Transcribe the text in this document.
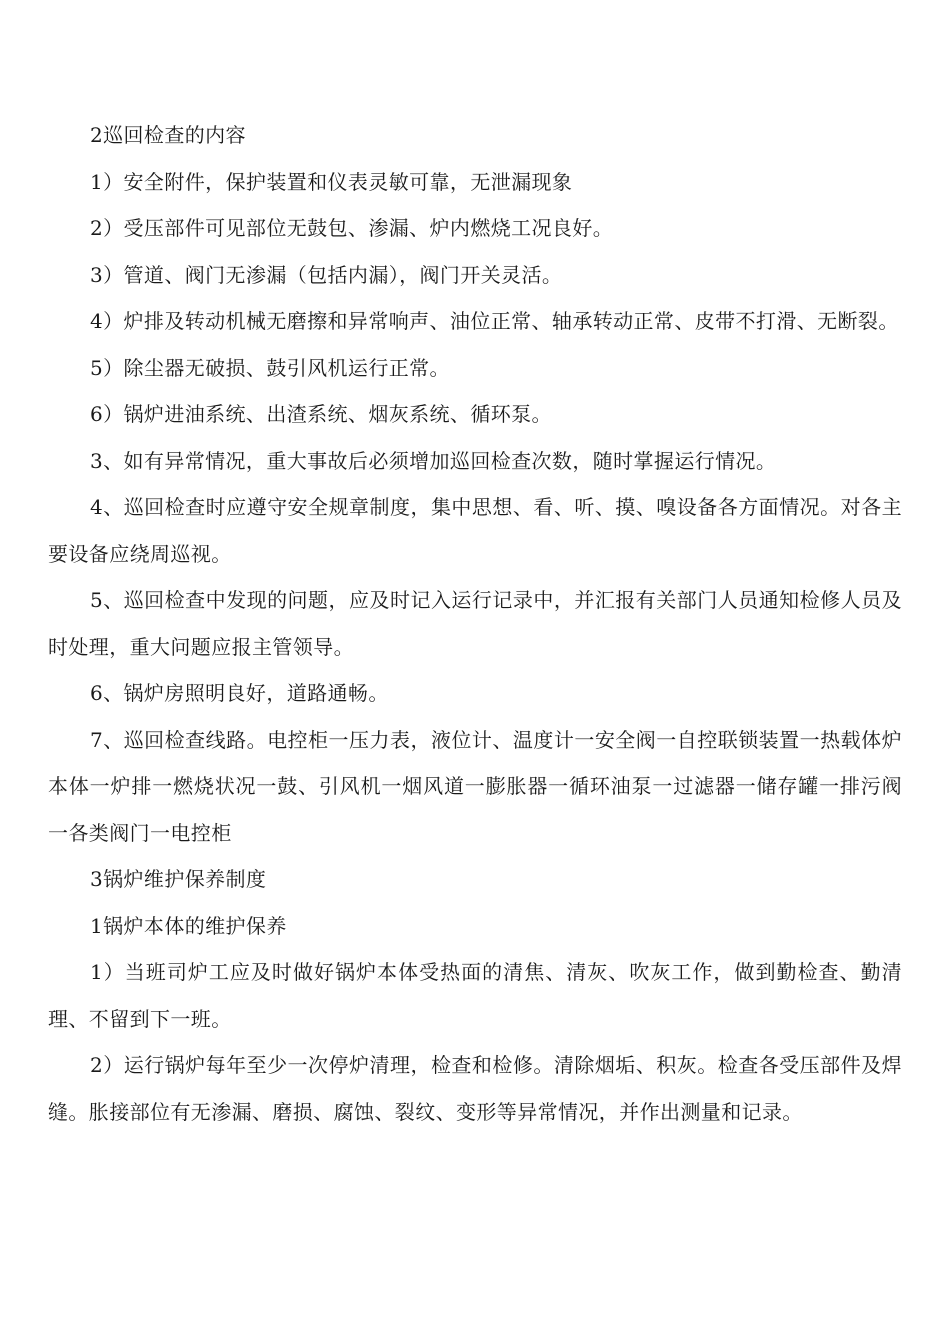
2巡回检查的内容

1）安全附件，保护装置和仪表灵敏可靠，无泄漏现象

2）受压部件可见部位无鼓包、渗漏、炉内燃烧工况良好。

3）管道、阀门无渗漏（包括内漏），阀门开关灵活。

4）炉排及转动机械无磨擦和异常响声、油位正常、轴承转动正常、皮带不打滑、无断裂。

5）除尘器无破损、鼓引风机运行正常。

6）锅炉进油系统、出渣系统、烟灰系统、循环泵。

3、如有异常情况，重大事故后必须增加巡回检查次数，随时掌握运行情况。

4、巡回检查时应遵守安全规章制度，集中思想、看、听、摸、嗅设备各方面情况。对各主要设备应绕周巡视。

5、巡回检查中发现的问题，应及时记入运行记录中，并汇报有关部门人员通知检修人员及时处理，重大问题应报主管领导。

6、锅炉房照明良好，道路通畅。

7、巡回检查线路。电控柜一压力表，液位计、温度计一安全阀一自控联锁装置一热载体炉本体一炉排一燃烧状况一鼓、引风机一烟风道一膨胀器一循环油泵一过滤器一储存罐一排污阀一各类阀门一电控柜

3锅炉维护保养制度

1锅炉本体的维护保养

1）当班司炉工应及时做好锅炉本体受热面的清焦、清灰、吹灰工作，做到勤检查、勤清理、不留到下一班。

2）运行锅炉每年至少一次停炉清理，检查和检修。清除烟垢、积灰。检查各受压部件及焊缝。胀接部位有无渗漏、磨损、腐蚀、裂纹、变形等异常情况，并作出测量和记录。
